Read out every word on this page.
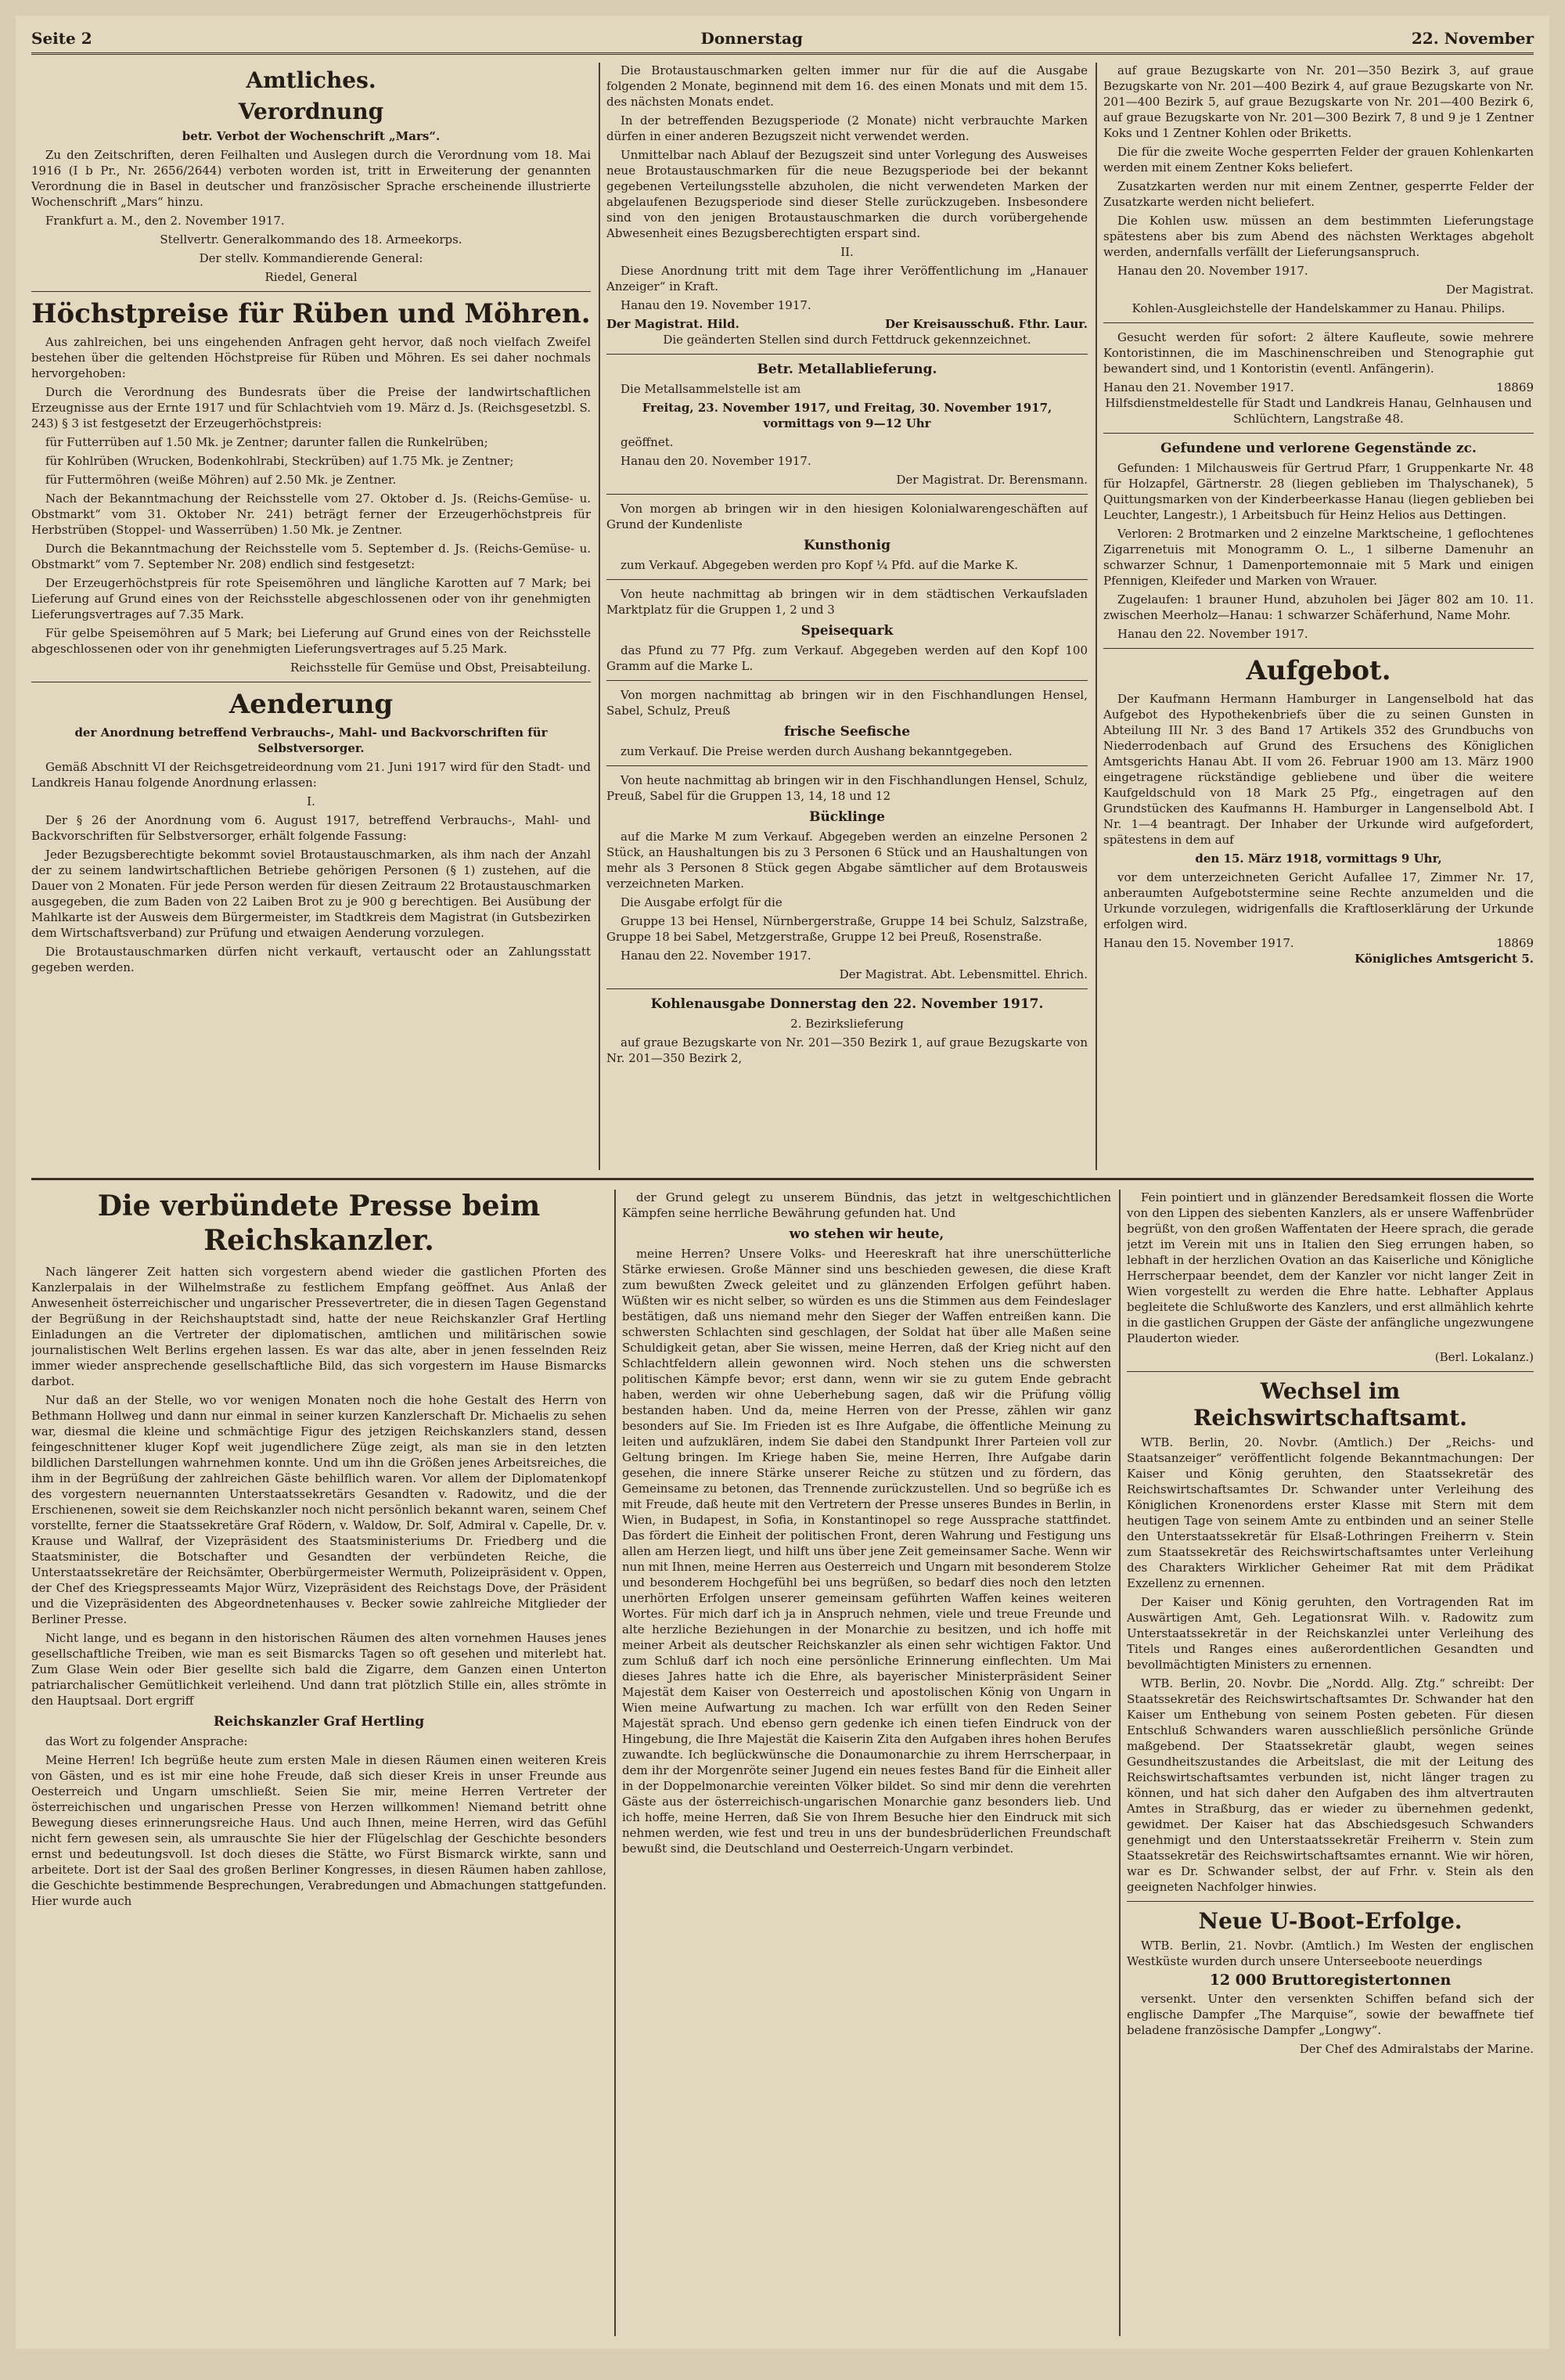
Seite 2	Donnerstag	22. November
Amtliches.
Verordnung

betr. Verbot der Wochenschrift „Mars“.

Zu den Zeitschriften, deren Feilhalten und Auslegen durch die Verordnung vom 18. Mai 1916 (I b Pr., Nr. 2656/2644) verboten worden ist, tritt in Erweiterung der genannten Verordnung die in Basel in deutscher und französischer Sprache erscheinende illustrierte Wochenschrift „Mars“ hinzu.

Frankfurt a. M., den 2. November 1917.

Stellvertr. Generalkommando des 18. Armeekorps.

Der stellv. Kommandierende General:

Riedel, General

Höchstpreise für Rüben und Möhren.

Aus zahlreichen, bei uns eingehenden Anfragen geht hervor, daß noch vielfach Zweifel bestehen über die geltenden Höchstpreise für Rüben und Möhren. Es sei daher nochmals hervorgehoben:

Durch die Verordnung des Bundesrats über die Preise der landwirtschaftlichen Erzeugnisse aus der Ernte 1917 und für Schlachtvieh vom 19. März d. Js. (Reichsgesetzbl. S. 243) § 3 ist festgesetzt der Erzeugerhöchstpreis:

für Futterrüben auf 1.50 Mk. je Zentner; darunter fallen die Runkelrüben;

für Kohlrüben (Wrucken, Bodenkohlrabi, Steckrüben) auf 1.75 Mk. je Zentner;

für Futtermöhren (weiße Möhren) auf 2.50 Mk. je Zentner.

Nach der Bekanntmachung der Reichsstelle vom 27. Oktober d. Js. (Reichs-Gemüse- u. Obstmarkt“ vom 31. Oktober Nr. 241) beträgt ferner der Erzeugerhöchstpreis für Herbstrüben (Stoppel- und Wasserrüben) 1.50 Mk. je Zentner.

Durch die Bekanntmachung der Reichsstelle vom 5. September d. Js. (Reichs-Gemüse- u. Obstmarkt“ vom 7. September Nr. 208) endlich sind festgesetzt:

Der Erzeugerhöchstpreis für rote Speisemöhren und längliche Karotten auf 7 Mark; bei Lieferung auf Grund eines von der Reichsstelle abgeschlossenen oder von ihr genehmigten Lieferungsvertrages auf 7.35 Mark.

Für gelbe Speisemöhren auf 5 Mark; bei Lieferung auf Grund eines von der Reichsstelle abgeschlossenen oder von ihr genehmigten Lieferungsvertrages auf 5.25 Mark.

Reichsstelle für Gemüse und Obst, Preisabteilung.

Aenderung

der Anordnung betreffend Verbrauchs-, Mahl- und Backvorschriften für Selbstversorger.

Gemäß Abschnitt VI der Reichsgetreideordnung vom 21. Juni 1917 wird für den Stadt- und Landkreis Hanau folgende Anordnung erlassen:

I.

Der § 26 der Anordnung vom 6. August 1917, betreffend Verbrauchs-, Mahl- und Backvorschriften für Selbstversorger, erhält folgende Fassung:

Jeder Bezugsberechtigte bekommt soviel Brotaustauschmarken, als ihm nach der Anzahl der zu seinem landwirtschaftlichen Betriebe gehörigen Personen (§ 1) zustehen, auf die Dauer von 2 Monaten. Für jede Person werden für diesen Zeitraum 22 Brotaustauschmarken ausgegeben, die zum Baden von 22 Laiben Brot zu je 900 g berechtigen. Bei Ausübung der Mahlkarte ist der Ausweis dem Bürgermeister, im Stadtkreis dem Magistrat (in Gutsbezirken dem Wirtschaftsverband) zur Prüfung und etwaigen Aenderung vorzulegen.

Die Brotaustauschmarken dürfen nicht verkauft, vertauscht oder an Zahlungsstatt gegeben werden.

Die Brotaustauschmarken gelten immer nur für die auf die Ausgabe folgenden 2 Monate, beginnend mit dem 16. des einen Monats und mit dem 15. des nächsten Monats endet.

In der betreffenden Bezugsperiode (2 Monate) nicht verbrauchte Marken dürfen in einer anderen Bezugszeit nicht verwendet werden.

Unmittelbar nach Ablauf der Bezugszeit sind unter Vorlegung des Ausweises neue Brotaustauschmarken für die neue Bezugsperiode bei der bekannt gegebenen Verteilungsstelle abzuholen, die nicht verwendeten Marken der abgelaufenen Bezugsperiode sind dieser Stelle zurückzugeben. Insbesondere sind von den jenigen Brotaustauschmarken die durch vorübergehende Abwesenheit eines Bezugsberechtigten erspart sind.

II.

Diese Anordnung tritt mit dem Tage ihrer Veröffentlichung im „Hanauer Anzeiger“ in Kraft.

Hanau den 19. November 1917.

Der Magistrat. Hild.	Der Kreisausschuß. Fthr. Laur.

Die geänderten Stellen sind durch Fettdruck gekennzeichnet.

Betr. Metallablieferung.

Die Metallsammelstelle ist am

Freitag, 23. November 1917, und Freitag, 30. November 1917, vormittags von 9—12 Uhr

geöffnet.

Hanau den 20. November 1917.

Der Magistrat. Dr. Berensmann.

Von morgen ab bringen wir in den hiesigen Kolonialwarengeschäften auf Grund der Kundenliste

Kunsthonig

zum Verkauf. Abgegeben werden pro Kopf ¼ Pfd. auf die Marke K.

Von heute nachmittag ab bringen wir in dem städtischen Verkaufsladen Marktplatz für die Gruppen 1, 2 und 3

Speisequark

das Pfund zu 77 Pfg. zum Verkauf. Abgegeben werden auf den Kopf 100 Gramm auf die Marke L.

Von morgen nachmittag ab bringen wir in den Fischhandlungen Hensel, Sabel, Schulz, Preuß

frische Seefische

zum Verkauf. Die Preise werden durch Aushang bekanntgegeben.

Von heute nachmittag ab bringen wir in den Fischhandlungen Hensel, Schulz, Preuß, Sabel für die Gruppen 13, 14, 18 und 12

Bücklinge

auf die Marke M zum Verkauf. Abgegeben werden an einzelne Personen 2 Stück, an Haushaltungen bis zu 3 Personen 6 Stück und an Haushaltungen von mehr als 3 Personen 8 Stück gegen Abgabe sämtlicher auf dem Brotausweis verzeichneten Marken.

Die Ausgabe erfolgt für die

Gruppe 13 bei Hensel, Nürnbergerstraße, Gruppe 14 bei Schulz, Salzstraße, Gruppe 18 bei Sabel, Metzgerstraße, Gruppe 12 bei Preuß, Rosenstraße.

Hanau den 22. November 1917.

Der Magistrat. Abt. Lebensmittel. Ehrich.

Kohlenausgabe Donnerstag den 22. November 1917.

2. Bezirkslieferung

auf graue Bezugskarte von Nr. 201—350 Bezirk 1, auf graue Bezugskarte von Nr. 201—350 Bezirk 2,

auf graue Bezugskarte von Nr. 201—350 Bezirk 3, auf graue Bezugskarte von Nr. 201—400 Bezirk 4, auf graue Bezugskarte von Nr. 201—400 Bezirk 5, auf graue Bezugskarte von Nr. 201—400 Bezirk 6, auf graue Bezugskarte von Nr. 201—300 Bezirk 7, 8 und 9 je 1 Zentner Koks und 1 Zentner Kohlen oder Briketts.

Die für die zweite Woche gesperrten Felder der grauen Kohlenkarten werden mit einem Zentner Koks beliefert.

Zusatzkarten werden nur mit einem Zentner, gesperrte Felder der Zusatzkarte werden nicht beliefert.

Die Kohlen usw. müssen an dem bestimmten Lieferungstage spätestens aber bis zum Abend des nächsten Werktages abgeholt werden, andernfalls verfällt der Lieferungsanspruch.

Hanau den 20. November 1917.

Der Magistrat.

Kohlen-Ausgleichstelle der Handelskammer zu Hanau. Philips.

Gesucht werden für sofort: 2 ältere Kaufleute, sowie mehrere Kontoristinnen, die im Maschinenschreiben und Stenographie gut bewandert sind, und 1 Kontoristin (eventl. Anfängerin).

Hanau den 21. November 1917.	18869

Hilfsdienstmeldestelle für Stadt und Landkreis Hanau, Gelnhausen und Schlüchtern, Langstraße 48.

Gefundene und verlorene Gegenstände zc.

Gefunden: 1 Milchausweis für Gertrud Pfarr, 1 Gruppenkarte Nr. 48 für Holzapfel, Gärtnerstr. 28 (liegen geblieben im Thalyschanek), 5 Quittungsmarken von der Kinderbeerkasse Hanau (liegen geblieben bei Leuchter, Langestr.), 1 Arbeitsbuch für Heinz Helios aus Dettingen.

Verloren: 2 Brotmarken und 2 einzelne Marktscheine, 1 geflochtenes Zigarrenetuis mit Monogramm O. L., 1 silberne Damenuhr an schwarzer Schnur, 1 Damenportemonnaie mit 5 Mark und einigen Pfennigen, Kleifeder und Marken von Wrauer.

Zugelaufen: 1 brauner Hund, abzuholen bei Jäger 802 am 10. 11. zwischen Meerholz—Hanau: 1 schwarzer Schäferhund, Name Mohr.

Hanau den 22. November 1917.

Aufgebot.

Der Kaufmann Hermann Hamburger in Langenselbold hat das Aufgebot des Hypothekenbriefs über die zu seinen Gunsten in Abteilung III Nr. 3 des Band 17 Artikels 352 des Grundbuchs von Niederrodenbach auf Grund des Ersuchens des Königlichen Amtsgerichts Hanau Abt. II vom 26. Februar 1900 am 13. März 1900 eingetragene rückständige gebliebene und über die weitere Kaufgeldschuld von 18 Mark 25 Pfg., eingetragen auf den Grundstücken des Kaufmanns H. Hamburger in Langenselbold Abt. I Nr. 1—4 beantragt. Der Inhaber der Urkunde wird aufgefordert, spätestens in dem auf

den 15. März 1918, vormittags 9 Uhr,

vor dem unterzeichneten Gericht Aufallee 17, Zimmer Nr. 17, anberaumten Aufgebotstermine seine Rechte anzumelden und die Urkunde vorzulegen, widrigenfalls die Kraftloserklärung der Urkunde erfolgen wird.

Hanau den 15. November 1917.	18869

Königliches Amtsgericht 5.

Die verbündete Presse beim Reichskanzler.

Nach längerer Zeit hatten sich vorgestern abend wieder die gastlichen Pforten des Kanzlerpalais in der Wilhelmstraße zu festlichem Empfang geöffnet. Aus Anlaß der Anwesenheit österreichischer und ungarischer Pressevertreter, die in diesen Tagen Gegenstand der Begrüßung in der Reichshauptstadt sind, hatte der neue Reichskanzler Graf Hertling Einladungen an die Vertreter der diplomatischen, amtlichen und militärischen sowie journalistischen Welt Berlins ergehen lassen. Es war das alte, aber in jenen fesselnden Reiz immer wieder ansprechende gesellschaftliche Bild, das sich vorgestern im Hause Bismarcks darbot.

Nur daß an der Stelle, wo vor wenigen Monaten noch die hohe Gestalt des Herrn von Bethmann Hollweg und dann nur einmal in seiner kurzen Kanzlerschaft Dr. Michaelis zu sehen war, diesmal die kleine und schmächtige Figur des jetzigen Reichskanzlers stand, dessen feingeschnittener kluger Kopf weit jugendlichere Züge zeigt, als man sie in den letzten bildlichen Darstellungen wahrnehmen konnte. Und um ihn die Größen jenes Arbeitsreiches, die ihm in der Begrüßung der zahlreichen Gäste behilflich waren. Vor allem der Diplomatenkopf des vorgestern neuernannten Unterstaatssekretärs Gesandten v. Radowitz, und die der Erschienenen, soweit sie dem Reichskanzler noch nicht persönlich bekannt waren, seinem Chef vorstellte, ferner die Staatssekretäre Graf Rödern, v. Waldow, Dr. Solf, Admiral v. Capelle, Dr. v. Krause und Wallraf, der Vizepräsident des Staatsministeriums Dr. Friedberg und die Staatsminister, die Botschafter und Gesandten der verbündeten Reiche, die Unterstaatssekretäre der Reichsämter, Oberbürgermeister Wermuth, Polizeipräsident v. Oppen, der Chef des Kriegspresseamts Major Würz, Vizepräsident des Reichstags Dove, der Präsident und die Vizepräsidenten des Abgeordnetenhauses v. Becker sowie zahlreiche Mitglieder der Berliner Presse.

Nicht lange, und es begann in den historischen Räumen des alten vornehmen Hauses jenes gesellschaftliche Treiben, wie man es seit Bismarcks Tagen so oft gesehen und miterlebt hat. Zum Glase Wein oder Bier gesellte sich bald die Zigarre, dem Ganzen einen Unterton patriarchalischer Gemütlichkeit verleihend. Und dann trat plötzlich Stille ein, alles strömte in den Hauptsaal. Dort ergriff

Reichskanzler Graf Hertling

das Wort zu folgender Ansprache:

Meine Herren! Ich begrüße heute zum ersten Male in diesen Räumen einen weiteren Kreis von Gästen, und es ist mir eine hohe Freude, daß sich dieser Kreis in unser Freunde aus Oesterreich und Ungarn umschließt. Seien Sie mir, meine Herren Vertreter der österreichischen und ungarischen Presse von Herzen willkommen! Niemand betritt ohne Bewegung dieses erinnerungsreiche Haus. Und auch Ihnen, meine Herren, wird das Gefühl nicht fern gewesen sein, als umrauschte Sie hier der Flügelschlag der Geschichte besonders ernst und bedeutungsvoll. Ist doch dieses die Stätte, wo Fürst Bismarck wirkte, sann und arbeitete. Dort ist der Saal des großen Berliner Kongresses, in diesen Räumen haben zahllose, die Geschichte bestimmende Besprechungen, Verabredungen und Abmachungen stattgefunden. Hier wurde auch

der Grund gelegt zu unserem Bündnis, das jetzt in weltgeschichtlichen Kämpfen seine herrliche Bewährung gefunden hat. Und

wo stehen wir heute,

meine Herren? Unsere Volks- und Heereskraft hat ihre unerschütterliche Stärke erwiesen. Große Männer sind uns beschieden gewesen, die diese Kraft zum bewußten Zweck geleitet und zu glänzenden Erfolgen geführt haben. Wüßten wir es nicht selber, so würden es uns die Stimmen aus dem Feindeslager bestätigen, daß uns niemand mehr den Sieger der Waffen entreißen kann. Die schwersten Schlachten sind geschlagen, der Soldat hat über alle Maßen seine Schuldigkeit getan, aber Sie wissen, meine Herren, daß der Krieg nicht auf den Schlachtfeldern allein gewonnen wird. Noch stehen uns die schwersten politischen Kämpfe bevor; erst dann, wenn wir sie zu gutem Ende gebracht haben, werden wir ohne Ueberhebung sagen, daß wir die Prüfung völlig bestanden haben. Und da, meine Herren von der Presse, zählen wir ganz besonders auf Sie. Im Frieden ist es Ihre Aufgabe, die öffentliche Meinung zu leiten und aufzuklären, indem Sie dabei den Standpunkt Ihrer Parteien voll zur Geltung bringen. Im Kriege haben Sie, meine Herren, Ihre Aufgabe darin gesehen, die innere Stärke unserer Reiche zu stützen und zu fördern, das Gemeinsame zu betonen, das Trennende zurückzustellen. Und so begrüße ich es mit Freude, daß heute mit den Vertretern der Presse unseres Bundes in Berlin, in Wien, in Budapest, in Sofia, in Konstantinopel so rege Aussprache stattfindet. Das fördert die Einheit der politischen Front, deren Wahrung und Festigung uns allen am Herzen liegt, und hilft uns über jene Zeit gemeinsamer Sache. Wenn wir nun mit Ihnen, meine Herren aus Oesterreich und Ungarn mit besonderem Stolze und besonderem Hochgefühl bei uns begrüßen, so bedarf dies noch den letzten unerhörten Erfolgen unserer gemeinsam geführten Waffen keines weiteren Wortes. Für mich darf ich ja in Anspruch nehmen, viele und treue Freunde und alte herzliche Beziehungen in der Monarchie zu besitzen, und ich hoffe mit meiner Arbeit als deutscher Reichskanzler als einen sehr wichtigen Faktor. Und zum Schluß darf ich noch eine persönliche Erinnerung einflechten. Um Mai dieses Jahres hatte ich die Ehre, als bayerischer Ministerpräsident Seiner Majestät dem Kaiser von Oesterreich und apostolischen König von Ungarn in Wien meine Aufwartung zu machen. Ich war erfüllt von den Reden Seiner Majestät sprach. Und ebenso gern gedenke ich einen tiefen Eindruck von der Hingebung, die Ihre Majestät die Kaiserin Zita den Aufgaben ihres hohen Berufes zuwandte. Ich beglückwünsche die Donaumonarchie zu ihrem Herrscherpaar, in dem ihr der Morgenröte seiner Jugend ein neues festes Band für die Einheit aller in der Doppelmonarchie vereinten Völker bildet. So sind mir denn die verehrten Gäste aus der österreichisch-ungarischen Monarchie ganz besonders lieb. Und ich hoffe, meine Herren, daß Sie von Ihrem Besuche hier den Eindruck mit sich nehmen werden, wie fest und treu in uns der bundesbrüderlichen Freundschaft bewußt sind, die Deutschland und Oesterreich-Ungarn verbindet.

Fein pointiert und in glänzender Beredsamkeit flossen die Worte von den Lippen des siebenten Kanzlers, als er unsere Waffenbrüder begrüßt, von den großen Waffentaten der Heere sprach, die gerade jetzt im Verein mit uns in Italien den Sieg errungen haben, so lebhaft in der herzlichen Ovation an das Kaiserliche und Königliche Herrscherpaar beendet, dem der Kanzler vor nicht langer Zeit in Wien vorgestellt zu werden die Ehre hatte. Lebhafter Applaus begleitete die Schlußworte des Kanzlers, und erst allmählich kehrte in die gastlichen Gruppen der Gäste der anfängliche ungezwungene Plauderton wieder.

(Berl. Lokalanz.)

Wechsel im Reichswirtschaftsamt.

WTB. Berlin, 20. Novbr. (Amtlich.) Der „Reichs- und Staatsanzeiger“ veröffentlicht folgende Bekanntmachungen: Der Kaiser und König geruhten, den Staatssekretär des Reichswirtschaftsamtes Dr. Schwander unter Verleihung des Königlichen Kronenordens erster Klasse mit Stern mit dem heutigen Tage von seinem Amte zu entbinden und an seiner Stelle den Unterstaatssekretär für Elsaß-Lothringen Freiherrn v. Stein zum Staatssekretär des Reichswirtschaftsamtes unter Verleihung des Charakters Wirklicher Geheimer Rat mit dem Prädikat Exzellenz zu ernennen.

Der Kaiser und König geruhten, den Vortragenden Rat im Auswärtigen Amt, Geh. Legationsrat Wilh. v. Radowitz zum Unterstaatssekretär in der Reichskanzlei unter Verleihung des Titels und Ranges eines außerordentlichen Gesandten und bevollmächtigten Ministers zu ernennen.

WTB. Berlin, 20. Novbr. Die „Nordd. Allg. Ztg.“ schreibt: Der Staatssekretär des Reichswirtschaftsamtes Dr. Schwander hat den Kaiser um Enthebung von seinem Posten gebeten. Für diesen Entschluß Schwanders waren ausschließlich persönliche Gründe maßgebend. Der Staatssekretär glaubt, wegen seines Gesundheitszustandes die Arbeitslast, die mit der Leitung des Reichswirtschaftsamtes verbunden ist, nicht länger tragen zu können, und hat sich daher den Aufgaben des ihm altvertrauten Amtes in Straßburg, das er wieder zu übernehmen gedenkt, gewidmet. Der Kaiser hat das Abschiedsgesuch Schwanders genehmigt und den Unterstaatssekretär Freiherrn v. Stein zum Staatssekretär des Reichswirtschaftsamtes ernannt. Wie wir hören, war es Dr. Schwander selbst, der auf Frhr. v. Stein als den geeigneten Nachfolger hinwies.

Neue U-Boot-Erfolge.

WTB. Berlin, 21. Novbr. (Amtlich.) Im Westen der englischen Westküste wurden durch unsere Unterseeboote neuerdings

12 000 Bruttoregistertonnen

versenkt. Unter den versenkten Schiffen befand sich der englische Dampfer „The Marquise“, sowie der bewaffnete tief beladene französische Dampfer „Longwy“.

Der Chef des Admiralstabs der Marine.
